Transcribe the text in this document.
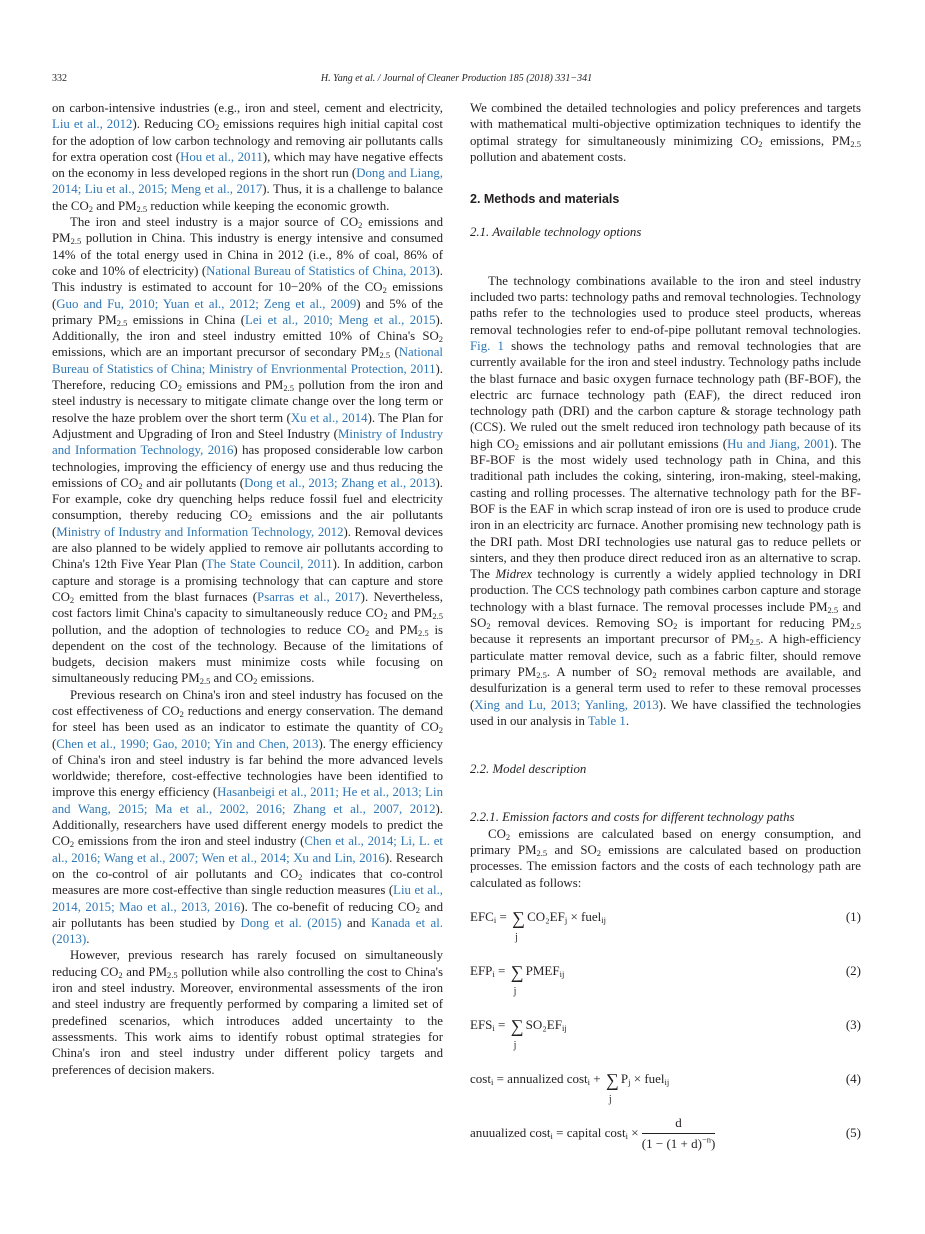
332	H. Yang et al. / Journal of Cleaner Production 185 (2018) 331−341

on carbon-intensive industries (e.g., iron and steel, cement and electricity, Liu et al., 2012). Reducing $CO_2$ emissions requires high initial capital cost for the adoption of low carbon technology and removing air pollutants calls for extra operation cost (Hou et al., 2011), which may have negative effects on the economy in less developed regions in the short run (Dong and Liang, 2014; Liu et al., 2015; Meng et al., 2017). Thus, it is a challenge to balance the $CO_2$ and $PM_{2.5}$ reduction while keeping the economic growth.

The iron and steel industry is a major source of $CO_2$ emissions and $PM_{2.5}$ pollution in China. This industry is energy intensive and consumed 14% of the total energy used in China in 2012 (i.e., 8% of coal, 86% of coke and 10% of electricity) (National Bureau of Statistics of China, 2013). This industry is estimated to account for 10−20% of the $CO_2$ emissions (Guo and Fu, 2010; Yuan et al., 2012; Zeng et al., 2009) and 5% of the primary $PM_{2.5}$ emissions in China (Lei et al., 2010; Meng et al., 2015). Additionally, the iron and steel industry emitted 10% of China's $SO_2$ emissions, which are an important precursor of secondary $PM_{2.5}$ (National Bureau of Statistics of China; Ministry of Envrionmental Protection, 2011). Therefore, reducing $CO_2$ emissions and $PM_{2.5}$ pollution from the iron and steel industry is necessary to mitigate climate change over the long term or resolve the haze problem over the short term (Xu et al., 2014). The Plan for Adjustment and Upgrading of Iron and Steel Industry (Ministry of Industry and Information Technology, 2016) has proposed considerable low carbon technologies, improving the efficiency of energy use and thus reducing the emissions of $CO_2$ and air pollutants (Dong et al., 2013; Zhang et al., 2013). For example, coke dry quenching helps reduce fossil fuel and electricity consumption, thereby reducing $CO_2$ emissions and the air pollutants (Ministry of Industry and Information Technology, 2012). Removal devices are also planned to be widely applied to remove air pollutants according to China's 12th Five Year Plan (The State Council, 2011). In addition, carbon capture and storage is a promising technology that can capture and store $CO_2$ emitted from the blast furnaces (Psarras et al., 2017). Nevertheless, cost factors limit China's capacity to simultaneously reduce $CO_2$ and $PM_{2.5}$ pollution, and the adoption of technologies to reduce $CO_2$ and $PM_{2.5}$ is dependent on the cost of the technology. Because of the limitations of budgets, decision makers must minimize costs while focusing on simultaneously reducing $PM_{2.5}$ and $CO_2$ emissions.

Previous research on China's iron and steel industry has focused on the cost effectiveness of $CO_2$ reductions and energy conservation. The demand for steel has been used as an indicator to estimate the quantity of $CO_2$ (Chen et al., 1990; Gao, 2010; Yin and Chen, 2013). The energy efficiency of China's iron and steel industry is far behind the more advanced levels worldwide; therefore, cost-effective technologies have been identified to improve this energy efficiency (Hasanbeigi et al., 2011; He et al., 2013; Lin and Wang, 2015; Ma et al., 2002, 2016; Zhang et al., 2007, 2012). Additionally, researchers have used different energy models to predict the $CO_2$ emissions from the iron and steel industry (Chen et al., 2014; Li, L. et al., 2016; Wang et al., 2007; Wen et al., 2014; Xu and Lin, 2016). Research on the co-control of air pollutants and $CO_2$ indicates that co-control measures are more cost-effective than single reduction measures (Liu et al., 2014, 2015; Mao et al., 2013, 2016). The co-benefit of reducing $CO_2$ and air pollutants has been studied by Dong et al. (2015) and Kanada et al. (2013).

However, previous research has rarely focused on simultaneously reducing $CO_2$ and $PM_{2.5}$ pollution while also controlling the cost to China's iron and steel industry. Moreover, environmental assessments of the iron and steel industry are frequently performed by comparing a limited set of predefined scenarios, which introduces added uncertainty to the assessments. This work aims to identify robust optimal strategies for China's iron and steel industry under different policy targets and preferences of decision makers.

We combined the detailed technologies and policy preferences and targets with mathematical multi-objective optimization techniques to identify the optimal strategy for simultaneously minimizing $CO_2$ emissions, $PM_{2.5}$ pollution and abatement costs.

2. Methods and materials
2.1. Available technology options

The technology combinations available to the iron and steel industry included two parts: technology paths and removal technologies. Technology paths refer to the technologies used to produce steel products, whereas removal technologies refer to end-of-pipe pollutant removal technologies. Fig. 1 shows the technology paths and removal technologies that are currently available for the iron and steel industry. Technology paths include the blast furnace and basic oxygen furnace technology path (BF-BOF), the electric arc furnace technology path (EAF), the direct reduced iron technology path (DRI) and the carbon capture & storage technology path (CCS). We ruled out the smelt reduced iron technology path because of its high $CO_2$ emissions and air pollutant emissions (Hu and Jiang, 2001). The BF-BOF is the most widely used technology path in China, and this traditional path includes the coking, sintering, iron-making, steel-making, casting and rolling processes. The alternative technology path for the BF-BOF is the EAF in which scrap instead of iron ore is used to produce crude iron in an electricity arc furnace. Another promising new technology path is the DRI path. Most DRI technologies use natural gas to reduce pellets or sinters, and they then produce direct reduced iron as an alternative to scrap. The Midrex technology is currently a widely applied technology in DRI production. The CCS technology path combines carbon capture and storage technology with a blast furnace. The removal processes include $PM_{2.5}$ and $SO_2$ removal devices. Removing $SO_2$ is important for reducing $PM_{2.5}$ because it represents an important precursor of $PM_{2.5}$. A high-efficiency particulate matter removal device, such as a fabric filter, should remove primary $PM_{2.5}$. A number of $SO_2$ removal methods are available, and desulfurization is a general term used to refer to these removal processes (Xing and Lu, 2013; Yanling, 2013). We have classified the technologies used in our analysis in Table 1.

2.2. Model description
2.2.1. Emission factors and costs for different technology paths

$CO_2$ emissions are calculated based on energy consumption, and primary $PM_{2.5}$ and $SO_2$ emissions are calculated based on production processes. The emission factors and the costs of each technology path are calculated as follows:

$EFC_i$ = ∑
j
$CO_2EF_j$ × fuel$_{ij}$	(1)
$EFP_i$ = ∑
j
$PMEF_{ij}$	(2)
$EFS_i$ = ∑
j
$SO_2EF_{ij}$	(3)
cost$_i$ = annualized cost$_i$ + ∑
j
$P_j$ × fuel$_{ij}$	(4)
anuualized cost$_i$ = capital $\cos t_i \times \frac{d}{(1 - (1 + d)^{-n})}$	(5)
